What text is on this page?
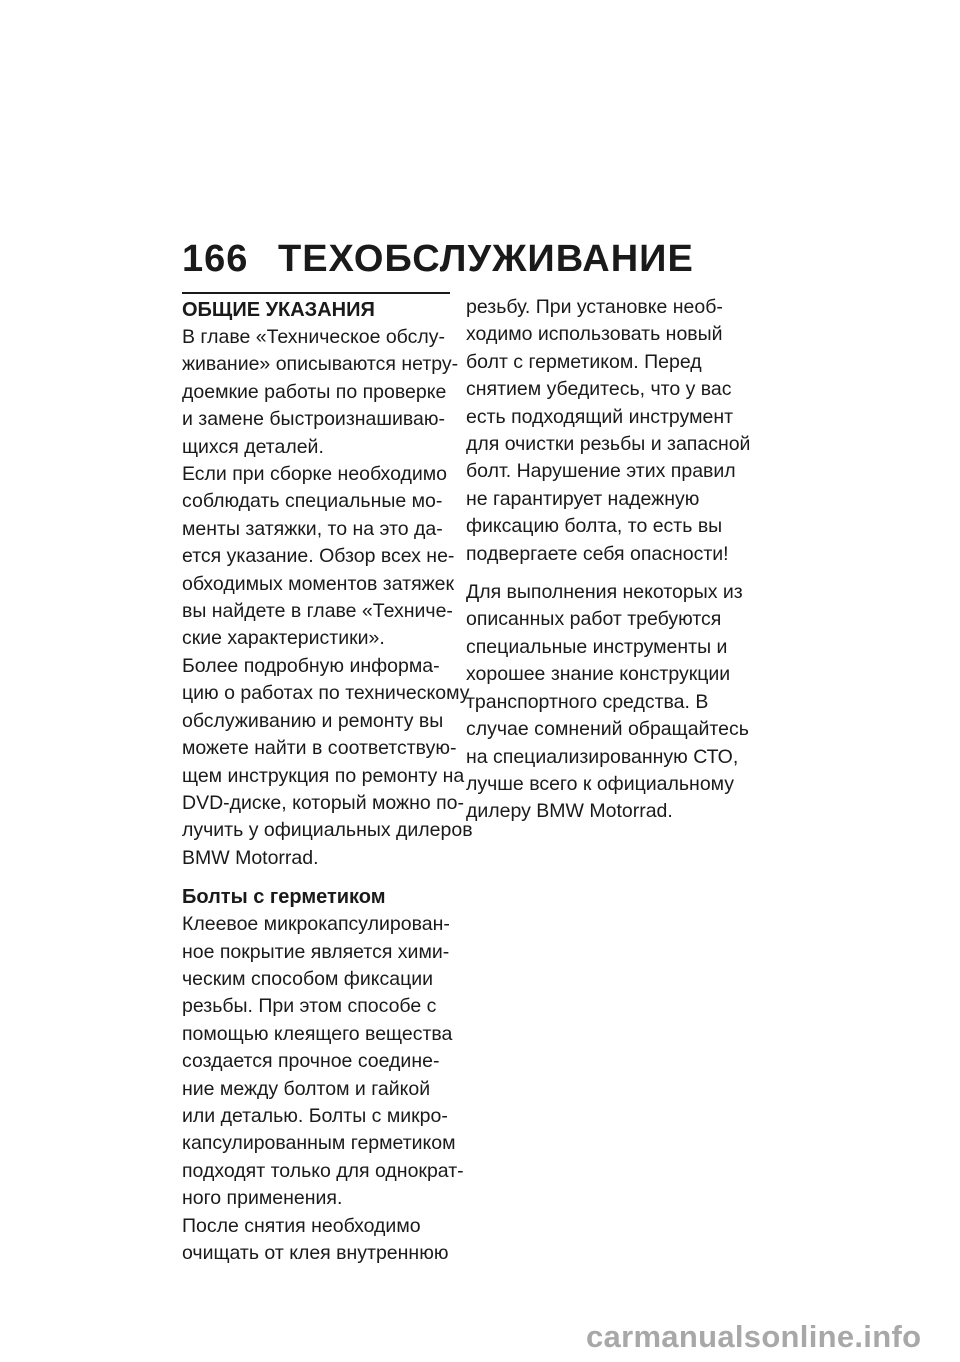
166 ТЕХОБСЛУЖИВАНИЕ
ОБЩИЕ УКАЗАНИЯ

В главе «Техническое обслу-

живание» описываются нетру-

доемкие работы по проверке

и замене быстроизнашиваю-

щихся деталей.

Если при сборке необходимо

соблюдать специальные мо-

менты затяжки, то на это да-

ется указание. Обзор всех не-

обходимых моментов затяжек

вы найдете в главе «Техниче-

ские характеристики».

Более подробную информа-

цию о работах по техническому

обслуживанию и ремонту вы

можете найти в соответствую-

щем инструкция по ремонту на

DVD-диске, который можно по-

лучить у официальных дилеров

BMW Motorrad.

Болты с герметиком

Клеевое микрокапсулирован-

ное покрытие является хими-

ческим способом фиксации

резьбы. При этом способе с

помощью клеящего вещества

создается прочное соедине-

ние между болтом и гайкой

или деталью. Болты с микро-

капсулированным герметиком

подходят только для однократ-

ного применения.

После снятия необходимо

очищать от клея внутреннюю

резьбу. При установке необ-

ходимо использовать новый

болт с герметиком. Перед

снятием убедитесь, что у вас

есть подходящий инструмент

для очистки резьбы и запасной

болт. Нарушение этих правил

не гарантирует надежную

фиксацию болта, то есть вы

подвергаете себя опасности!

Для выполнения некоторых из

описанных работ требуются

специальные инструменты и

хорошее знание конструкции

транспортного средства. В

случае сомнений обращайтесь

на специализированную СТО,

лучше всего к официальному

дилеру BMW Motorrad.

carmanualsonline.info
